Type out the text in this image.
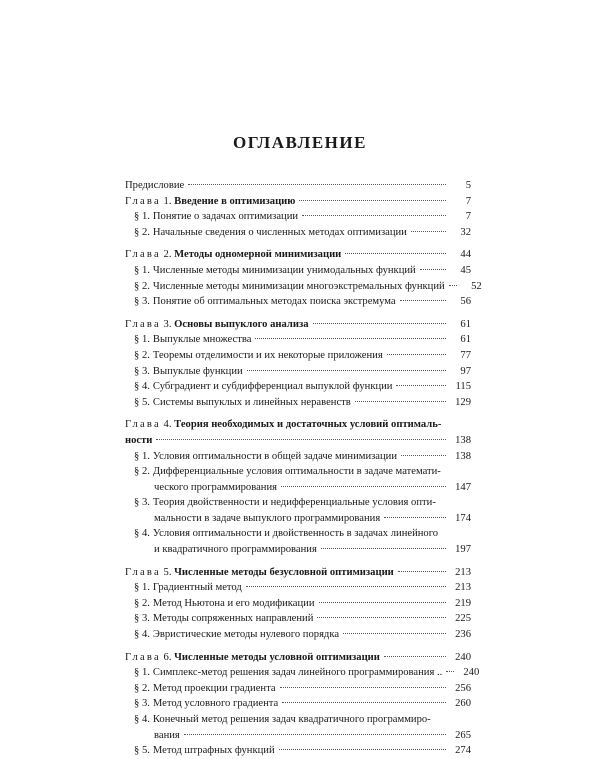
ОГЛАВЛЕНИЕ
Предисловие	5
Глава 1. Введение в оптимизацию	7
§ 1. Понятие о задачах оптимизации	7
§ 2. Начальные сведения о численных методах оптимизации	32
Глава 2. Методы одномерной минимизации	44
§ 1. Численные методы минимизации унимодальных функций	45
§ 2. Численные методы минимизации многоэкстремальных функций	52
§ 3. Понятие об оптимальных методах поиска экстремума	56
Глава 3. Основы выпуклого анализа	61
§ 1. Выпуклые множества	61
§ 2. Теоремы отделимости и их некоторые приложения	77
§ 3. Выпуклые функции	97
§ 4. Субградиент и субдифференциал выпуклой функции	115
§ 5. Системы выпуклых и линейных неравенств	129
Глава 4. Теория необходимых и достаточных условий оптималь-
ности	138
§ 1. Условия оптимальности в общей задаче минимизации	138
§ 2. Дифференциальные условия оптимальности в задаче математи-
ческого программирования	147
§ 3. Теория двойственности и недифференциальные условия опти-
мальности в задаче выпуклого программирования	174
§ 4. Условия оптимальности и двойственность в задачах линейного
и квадратичного программирования	197
Глава 5. Численные методы безусловной оптимизации	213
§ 1. Градиентный метод	213
§ 2. Метод Ньютона и его модификации	219
§ 3. Методы сопряженных направлений	225
§ 4. Эвристические методы нулевого порядка	236
Глава 6. Численные методы условной оптимизации	240
§ 1. Симплекс-метод решения задач линейного программирования ..	240
§ 2. Метод проекции градиента	256
§ 3. Метод условного градиента	260
§ 4. Конечный метод решения задач квадратичного программиро-
вания	265
§ 5. Метод штрафных функций	274
